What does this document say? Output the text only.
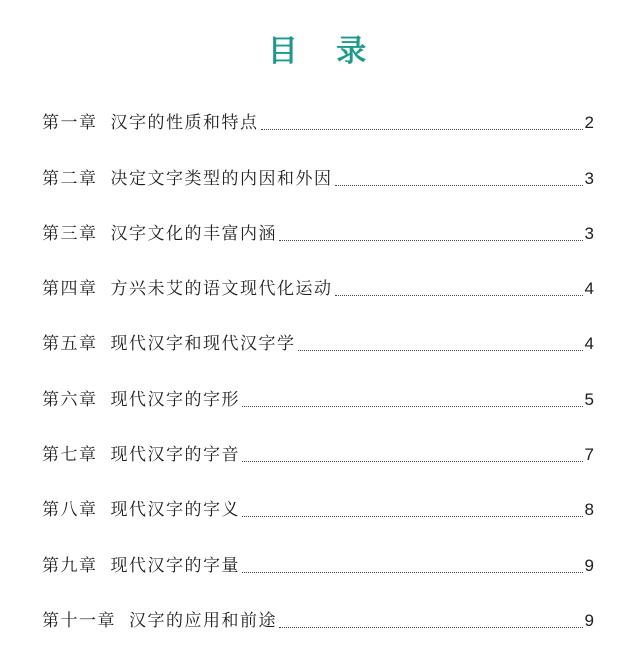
目 录
第一章 汉字的性质和特点	2
第二章 决定文字类型的内因和外因	3
第三章 汉字文化的丰富内涵	3
第四章 方兴未艾的语文现代化运动	4
第五章 现代汉字和现代汉字学	4
第六章 现代汉字的字形	5
第七章 现代汉字的字音	7
第八章 现代汉字的字义	8
第九章 现代汉字的字量	9
第十一章 汉字的应用和前途	9
